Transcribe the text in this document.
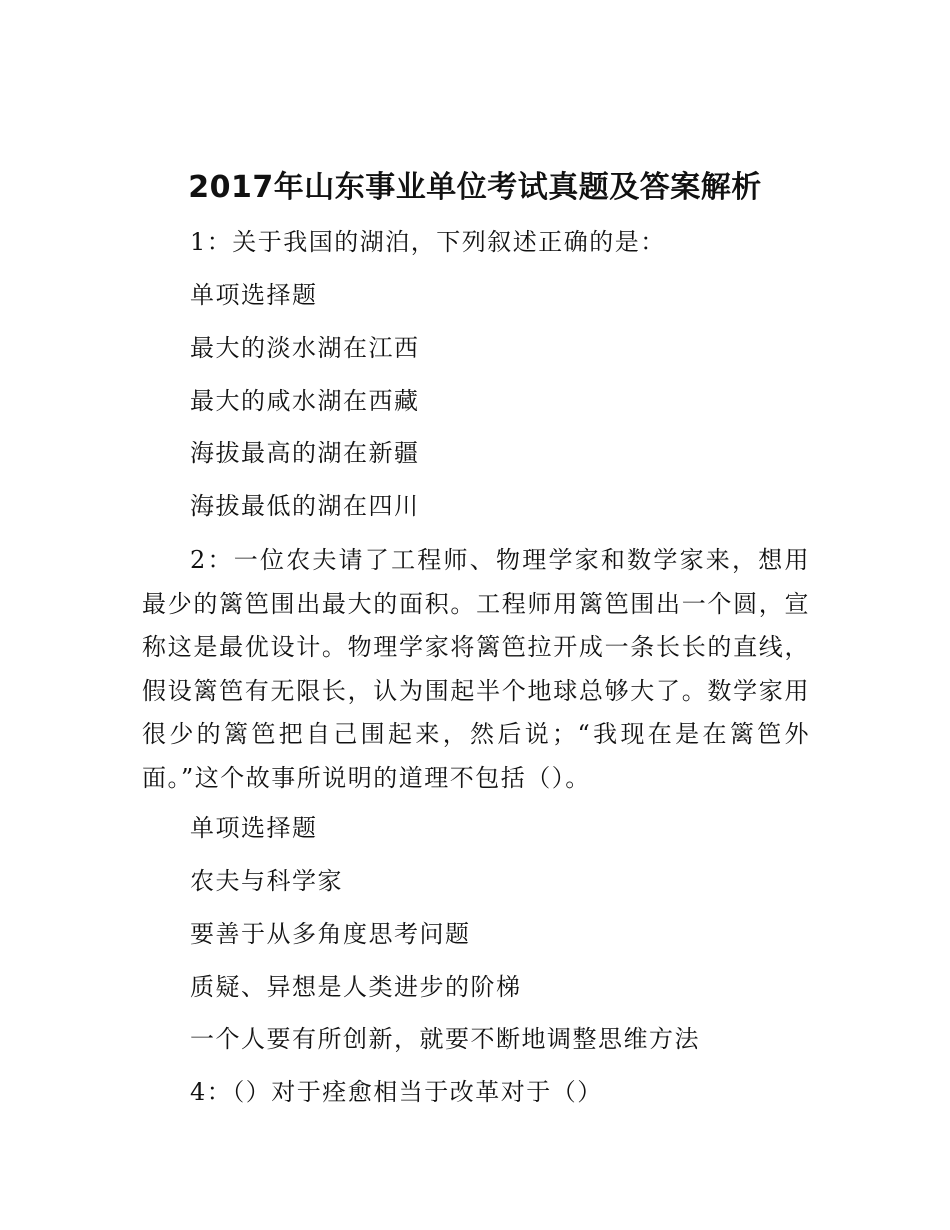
2017年山东事业单位考试真题及答案解析
1：关于我国的湖泊，下列叙述正确的是：
单项选择题
最大的淡水湖在江西
最大的咸水湖在西藏
海拔最高的湖在新疆
海拔最低的湖在四川
2：一位农夫请了工程师、物理学家和数学家来，想用最少的篱笆围出最大的面积。工程师用篱笆围出一个圆，宣称这是最优设计。物理学家将篱笆拉开成一条长长的直线，假设篱笆有无限长，认为围起半个地球总够大了。数学家用很少的篱笆把自己围起来，然后说；“我现在是在篱笆外面。”这个故事所说明的道理不包括（）。
单项选择题
农夫与科学家
要善于从多角度思考问题
质疑、异想是人类进步的阶梯
一个人要有所创新，就要不断地调整思维方法
4：（）对于痊愈相当于改革对于（）
